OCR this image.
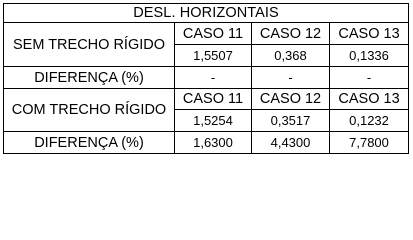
DESL. HORIZONTAIS			
SEM TRECHO RÍGIDO	CASO 11	CASO 12	CASO 13
	1,5507	0,368	0,1336
DIFERENÇA (%)	-	-	-
COM TRECHO RÍGIDO	CASO 11	CASO 12	CASO 13
	1,5254	0,3517	0,1232
DIFERENÇA (%)	1,6300	4,4300	7,7800
